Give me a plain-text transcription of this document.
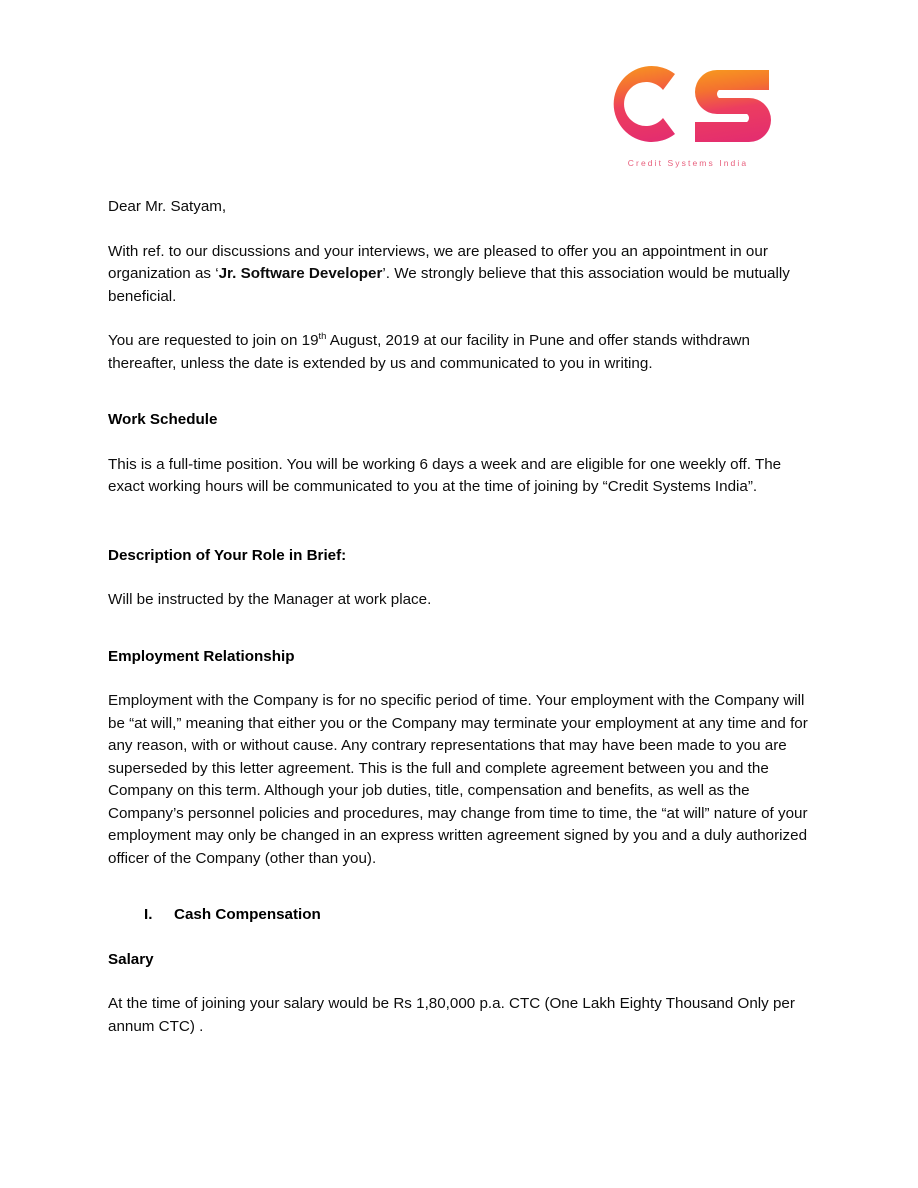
Credit Systems India

Dear Mr. Satyam,

With ref. to our discussions and your interviews, we are pleased to offer you an appointment in our organization as ‘Jr. Software Developer’. We strongly believe that this association would be mutually beneficial.

You are requested to join on 19th August, 2019 at our facility in Pune and offer stands withdrawn thereafter, unless the date is extended by us and communicated to you in writing.

Work Schedule

This is a full-time position. You will be working 6 days a week and are eligible for one weekly off. The exact working hours will be communicated to you at the time of joining by “Credit Systems India”.

Description of Your Role in Brief:

Will be instructed by the Manager at work place.

Employment Relationship

Employment with the Company is for no specific period of time. Your employment with the Company will be “at will,” meaning that either you or the Company may terminate your employment at any time and for any reason, with or without cause. Any contrary representations that may have been made to you are superseded by this letter agreement. This is the full and complete agreement between you and the Company on this term. Although your job duties, title, compensation and benefits, as well as the Company’s personnel policies and procedures, may change from time to time, the “at will” nature of your employment may only be changed in an express written agreement signed by you and a duly authorized officer of the Company (other than you).

I.	Cash Compensation
Salary

At the time of joining your salary would be Rs 1,80,000 p.a. CTC (One Lakh Eighty Thousand Only per annum CTC) .
